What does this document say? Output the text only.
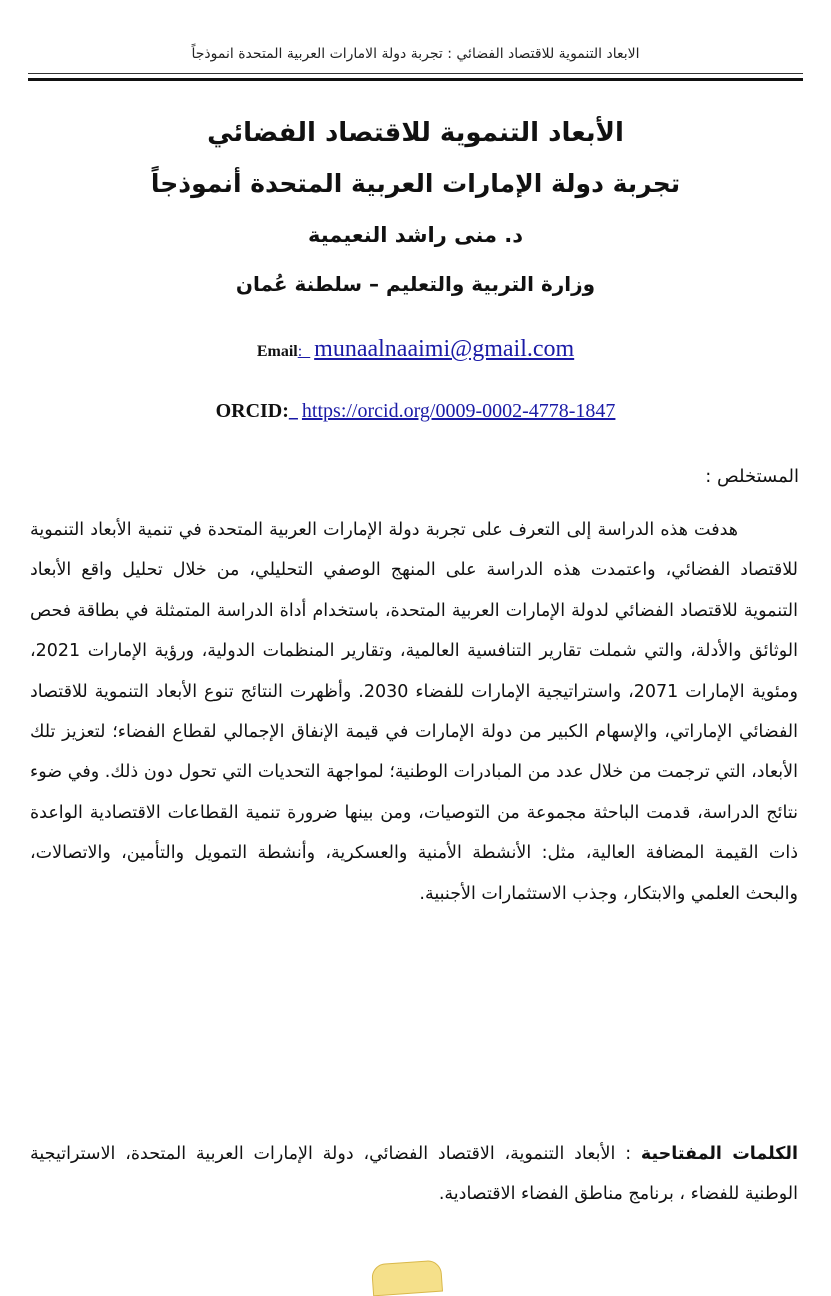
الابعاد التنموية للاقتصاد الفضائي : تجربة دولة الامارات العربية المتحدة انموذجاً
الأبعاد التنموية للاقتصاد الفضائي
تجربة دولة الإمارات العربية المتحدة أنموذجاً
د. منى راشد النعيمية
وزارة التربية والتعليم – سلطنة عُمان
Email:_ munaalnaaimi@gmail.com
ORCID:_ https://orcid.org/0009-0002-4778-1847
المستخلص :

هدفت هذه الدراسة إلى التعرف على تجربة دولة الإمارات العربية المتحدة في تنمية الأبعاد التنموية للاقتصاد الفضائي، واعتمدت هذه الدراسة على المنهج الوصفي التحليلي، من خلال تحليل واقع الأبعاد التنموية للاقتصاد الفضائي لدولة الإمارات العربية المتحدة، باستخدام أداة الدراسة المتمثلة في بطاقة فحص الوثائق والأدلة، والتي شملت تقارير التنافسية العالمية، وتقارير المنظمات الدولية، ورؤية الإمارات 2021، ومئوية الإمارات 2071، واستراتيجية الإمارات للفضاء 2030. وأظهرت النتائج تنوع الأبعاد التنموية للاقتصاد الفضائي الإماراتي، والإسهام الكبير من دولة الإمارات في قيمة الإنفاق الإجمالي لقطاع الفضاء؛ لتعزيز تلك الأبعاد، التي ترجمت من خلال عدد من المبادرات الوطنية؛ لمواجهة التحديات التي تحول دون ذلك. وفي ضوء نتائج الدراسة، قدمت الباحثة مجموعة من التوصيات، ومن بينها ضرورة تنمية القطاعات الاقتصادية الواعدة ذات القيمة المضافة العالية، مثل: الأنشطة الأمنية والعسكرية، وأنشطة التمويل والتأمين، والاتصالات، والبحث العلمي والابتكار، وجذب الاستثمارات الأجنبية.

الكلمات المفتاحية : الأبعاد التنموية، الاقتصاد الفضائي، دولة الإمارات العربية المتحدة، الاستراتيجية الوطنية للفضاء ، برنامج مناطق الفضاء الاقتصادية.
